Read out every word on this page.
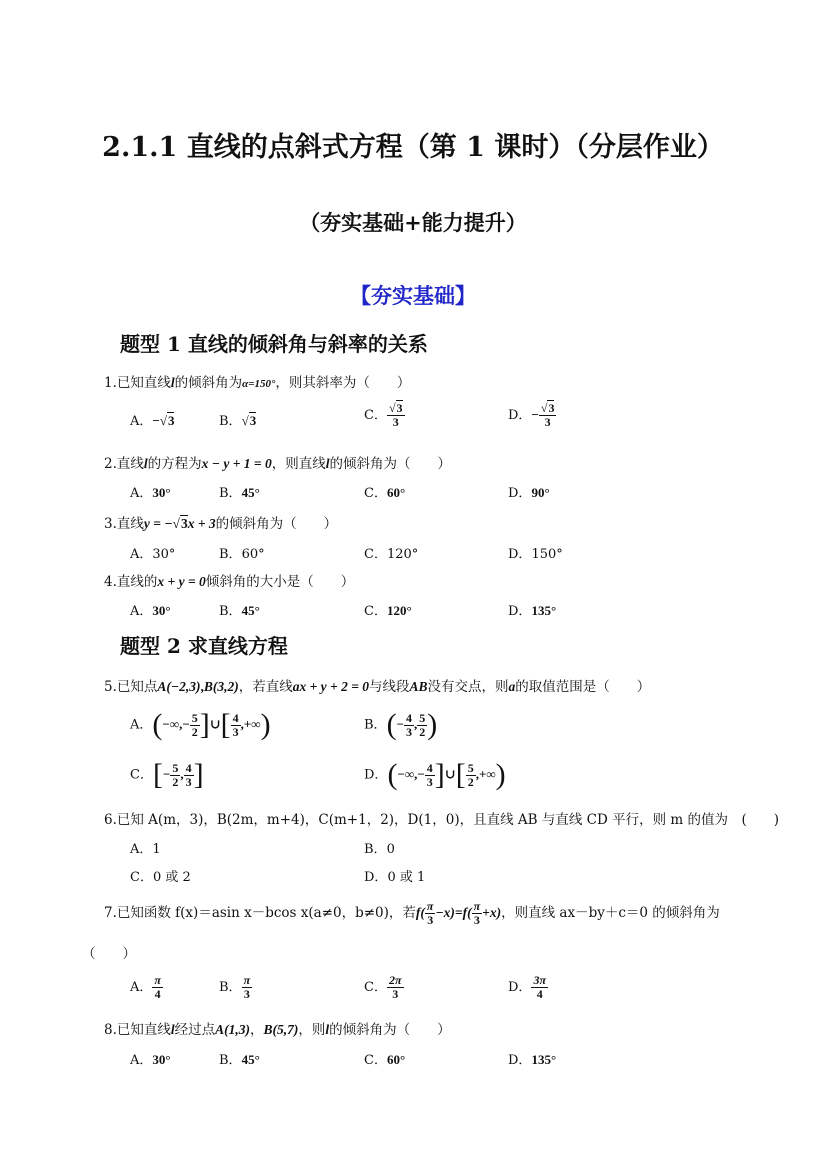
2.1.1 直线的点斜式方程（第 1 课时）（分层作业）
（夯实基础+能力提升）
【夯实基础】
题型 1 直线的倾斜角与斜率的关系
1.已知直线l的倾斜角为α=150°，则其斜率为（　　）
A．−√3	B．√3	C． $\frac{√3}{3}$	D．− $\frac{√3}{3}$
2.直线l的方程为x − y + 1 = 0，则直线l的倾斜角为（　　）
A．30°	B．45°	C．60°	D．90°
3.直线y = −√3x + 3的倾斜角为（　　）
A．30°	B．60°	C．120°	D．150°
4.直线的x + y = 0倾斜角的大小是（　　）
A．30°	B．45°	C．120°	D．135°
题型 2 求直线方程
5.已知点A(−2,3),B(3,2)，若直线ax + y + 2 = 0与线段AB没有交点，则a的取值范围是（　　）
A．(−∞,− $\frac{5}{2}$ ]∪[ $\frac{4}{3}$ ,+∞)	B．(− $\frac{4}{3}$ , $\frac{5}{2}$ )
C．[− $\frac{5}{2}$ , $\frac{4}{3}$ ]	D．(−∞,− $\frac{4}{3}$ ]∪[ $\frac{5}{2}$ ,+∞)
6.已知 A(m，3)，B(2m，m+4)，C(m+1，2)，D(1，0)，且直线 AB 与直线 CD 平行，则 m 的值为　(　　)
A．1	B．0
C．0 或 2	D．0 或 1
7.已知函数 f(x)＝asin x－bcos x(a≠0，b≠0)，若$f( \frac{\pi}{3} -x)=f( \frac{\pi}{3} +x)$，则直线 ax－by＋c＝0 的倾斜角为
（　　）
A． $\frac{\pi}{4}$	B． $\frac{\pi}{3}$	C． $\frac{2\pi}{3}$	D． $\frac{3\pi}{4}$
8.已知直线l经过点A(1,3)，B(5,7)，则l的倾斜角为（　　）
A．30°	B．45°	C．60°	D．135°
